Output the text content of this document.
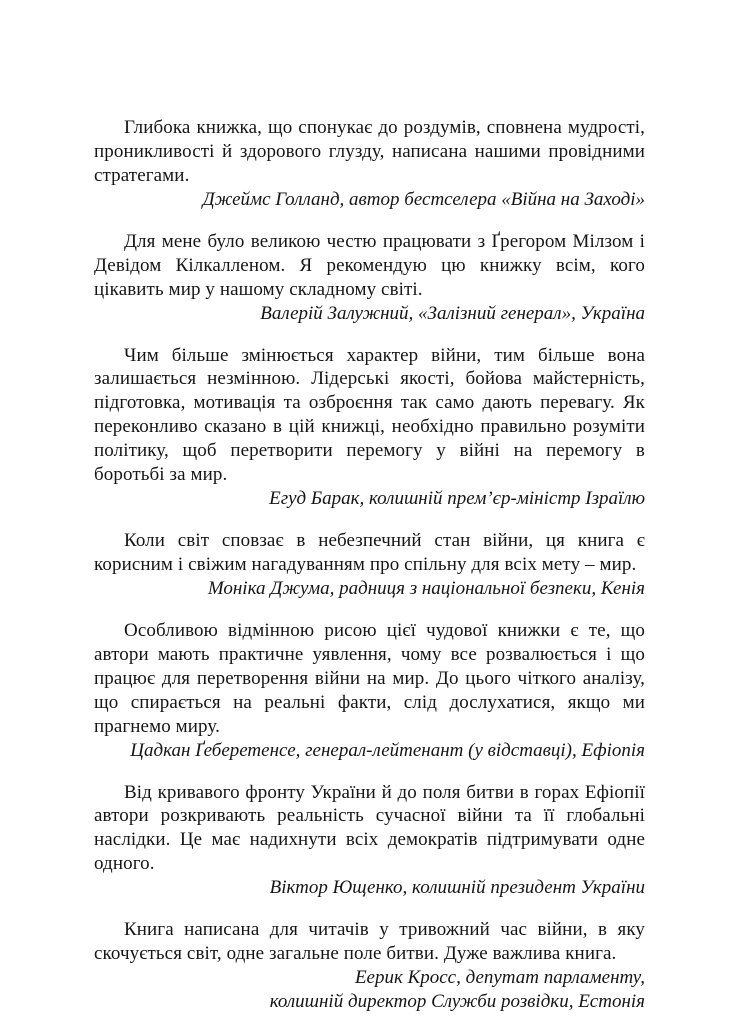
Глибока книжка, що спонукає до роздумів, сповнена мудрості, проникливості й здорового глузду, написана нашими провідними стратегами.

Джеймс Голланд, автор бестселера «Війна на Заході»

Для мене було великою честю працювати з Ґрегором Мілзом і Девідом Кілкалленом. Я рекомендую цю книжку всім, кого цікавить мир у нашому складному світі.

Валерій Залужний, «Залізний генерал», Україна

Чим більше змінюється характер війни, тим більше вона залишається незмінною. Лідерські якості, бойова майстерність, підготовка, мотивація та озброєння так само дають перевагу. Як переконливо сказано в цій книжці, необхідно правильно розуміти політику, щоб перетворити перемогу у війні на перемогу в боротьбі за мир.

Егуд Барак, колишній прем’єр-міністр Ізраїлю

Коли світ сповзає в небезпечний стан війни, ця книга є корисним і свіжим нагадуванням про спільну для всіх мету – мир.

Моніка Джума, радниця з національної безпеки, Кенія

Особливою відмінною рисою цієї чудової книжки є те, що автори мають практичне уявлення, чому все розвалюється і що працює для перетворення війни на мир. До цього чіткого аналізу, що спирається на реальні факти, слід дослухатися, якщо ми прагнемо миру.

Цадкан Ґеберетенсе, генерал-лейтенант (у відставці), Ефіопія

Від кривавого фронту України й до поля битви в горах Ефіопії автори розкривають реальність сучасної війни та її глобальні наслідки. Це має надихнути всіх демократів підтримувати одне одного.

Віктор Ющенко, колишній президент України

Книга написана для читачів у тривожний час війни, в яку скочується світ, одне загальне поле битви. Дуже важлива книга.

Еерик Кросс, депутат парламенту,

колишній директор Служби розвідки, Естонія
